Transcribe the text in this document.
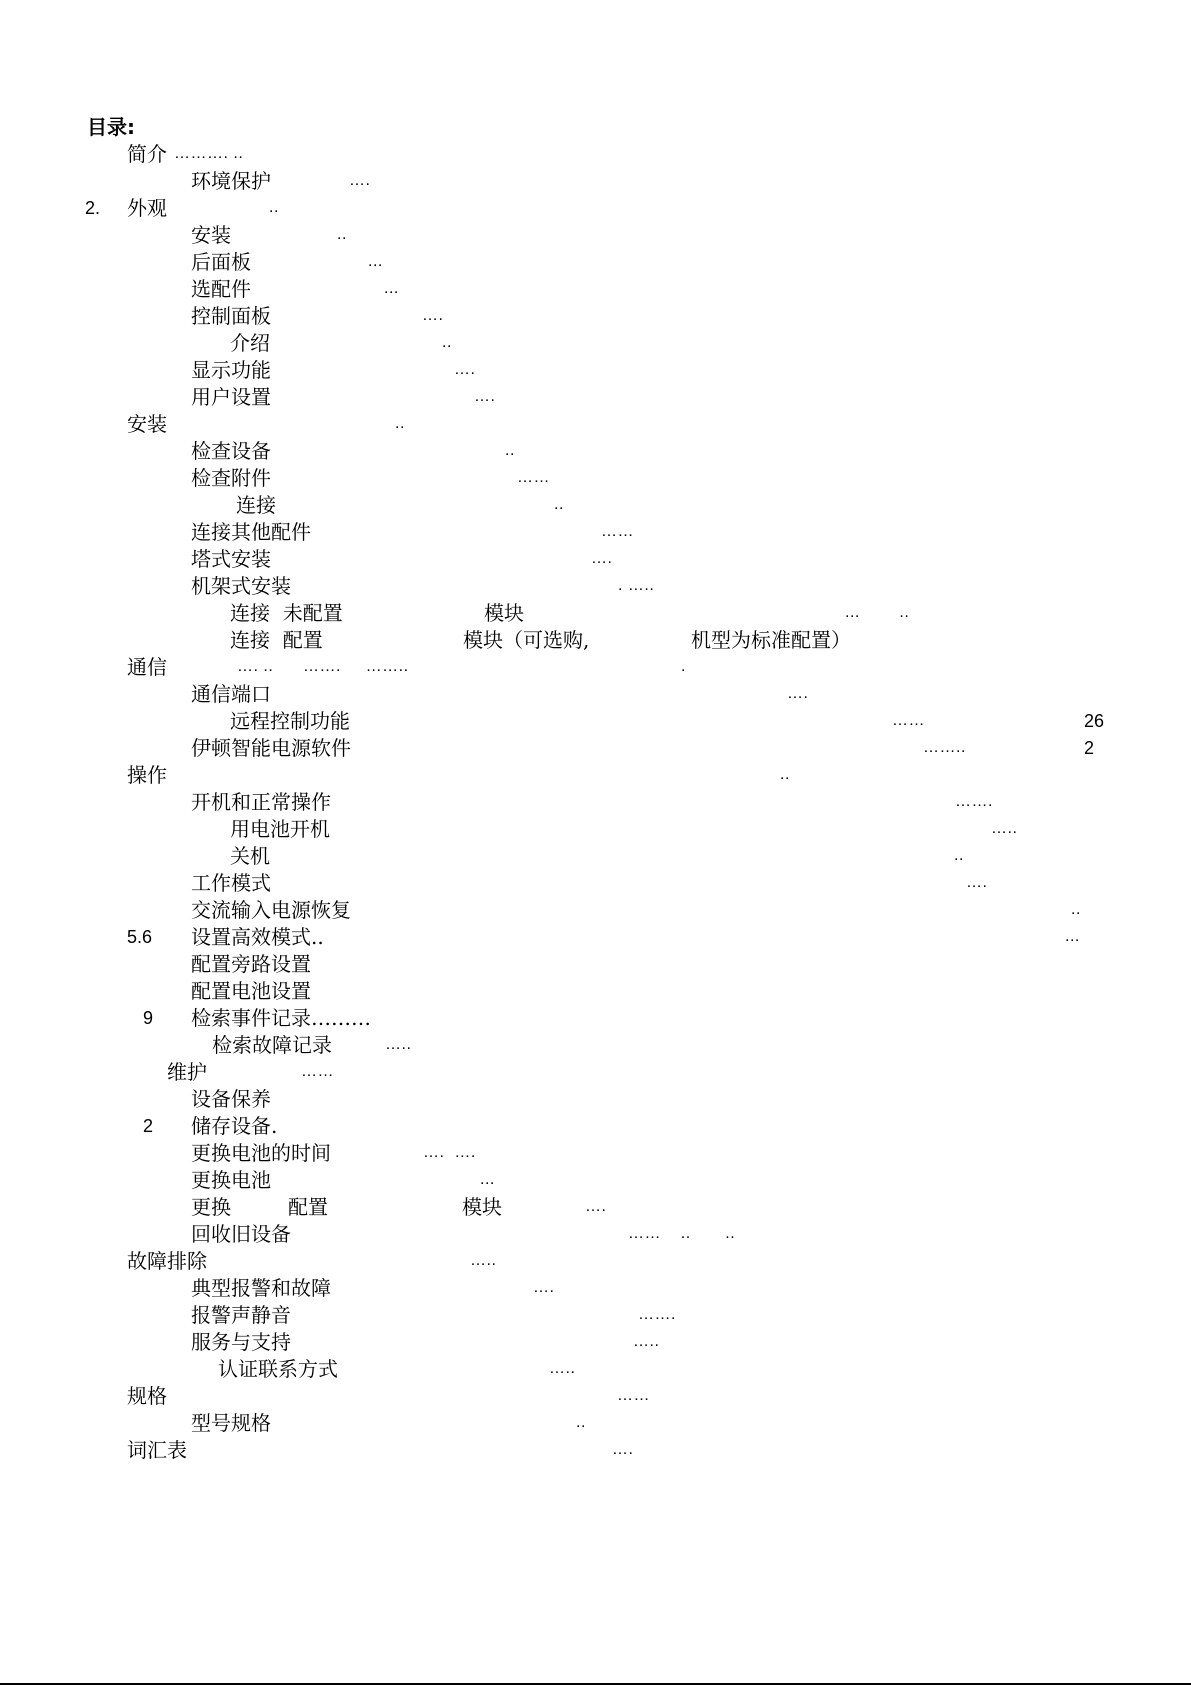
目录:
简介 ………. ..
环境保护	….
2. 外观	..
安装	..
后面板	...
选配件	...
控制面板	….
介绍	..
显示功能	….
用户设置	….
安装	..
检查设备	..
检查附件	……
连接	..
连接其他配件	……
塔式安装	….
机架式安装	. …..
连接  未配置	模块	...        ..
连接  配置	模块（可选购,	机型为标准配置）
通信	…. ..      …….     ……..	.
通信端口	….
远程控制功能	……	26
伊顿智能电源软件	……..	2
操作	..
开机和正常操作	…….
用电池开机	…..
关机	..
工作模式	….
交流输入电源恢复	..
5.6 设置高效模式..	...
配置旁路设置
配置电池设置
9 检索事件记录………
检索故障记录	…..
维护	……
设备保养
2 储存设备.
更换电池的时间	….  ….
更换电池	...
更换	配置	模块	….
回收旧设备	……    ..       ..
故障排除	…..
典型报警和故障	….
报警声静音	…….
服务与支持	…..
认证联系方式	…..
规格	……
型号规格	..
词汇表	….
